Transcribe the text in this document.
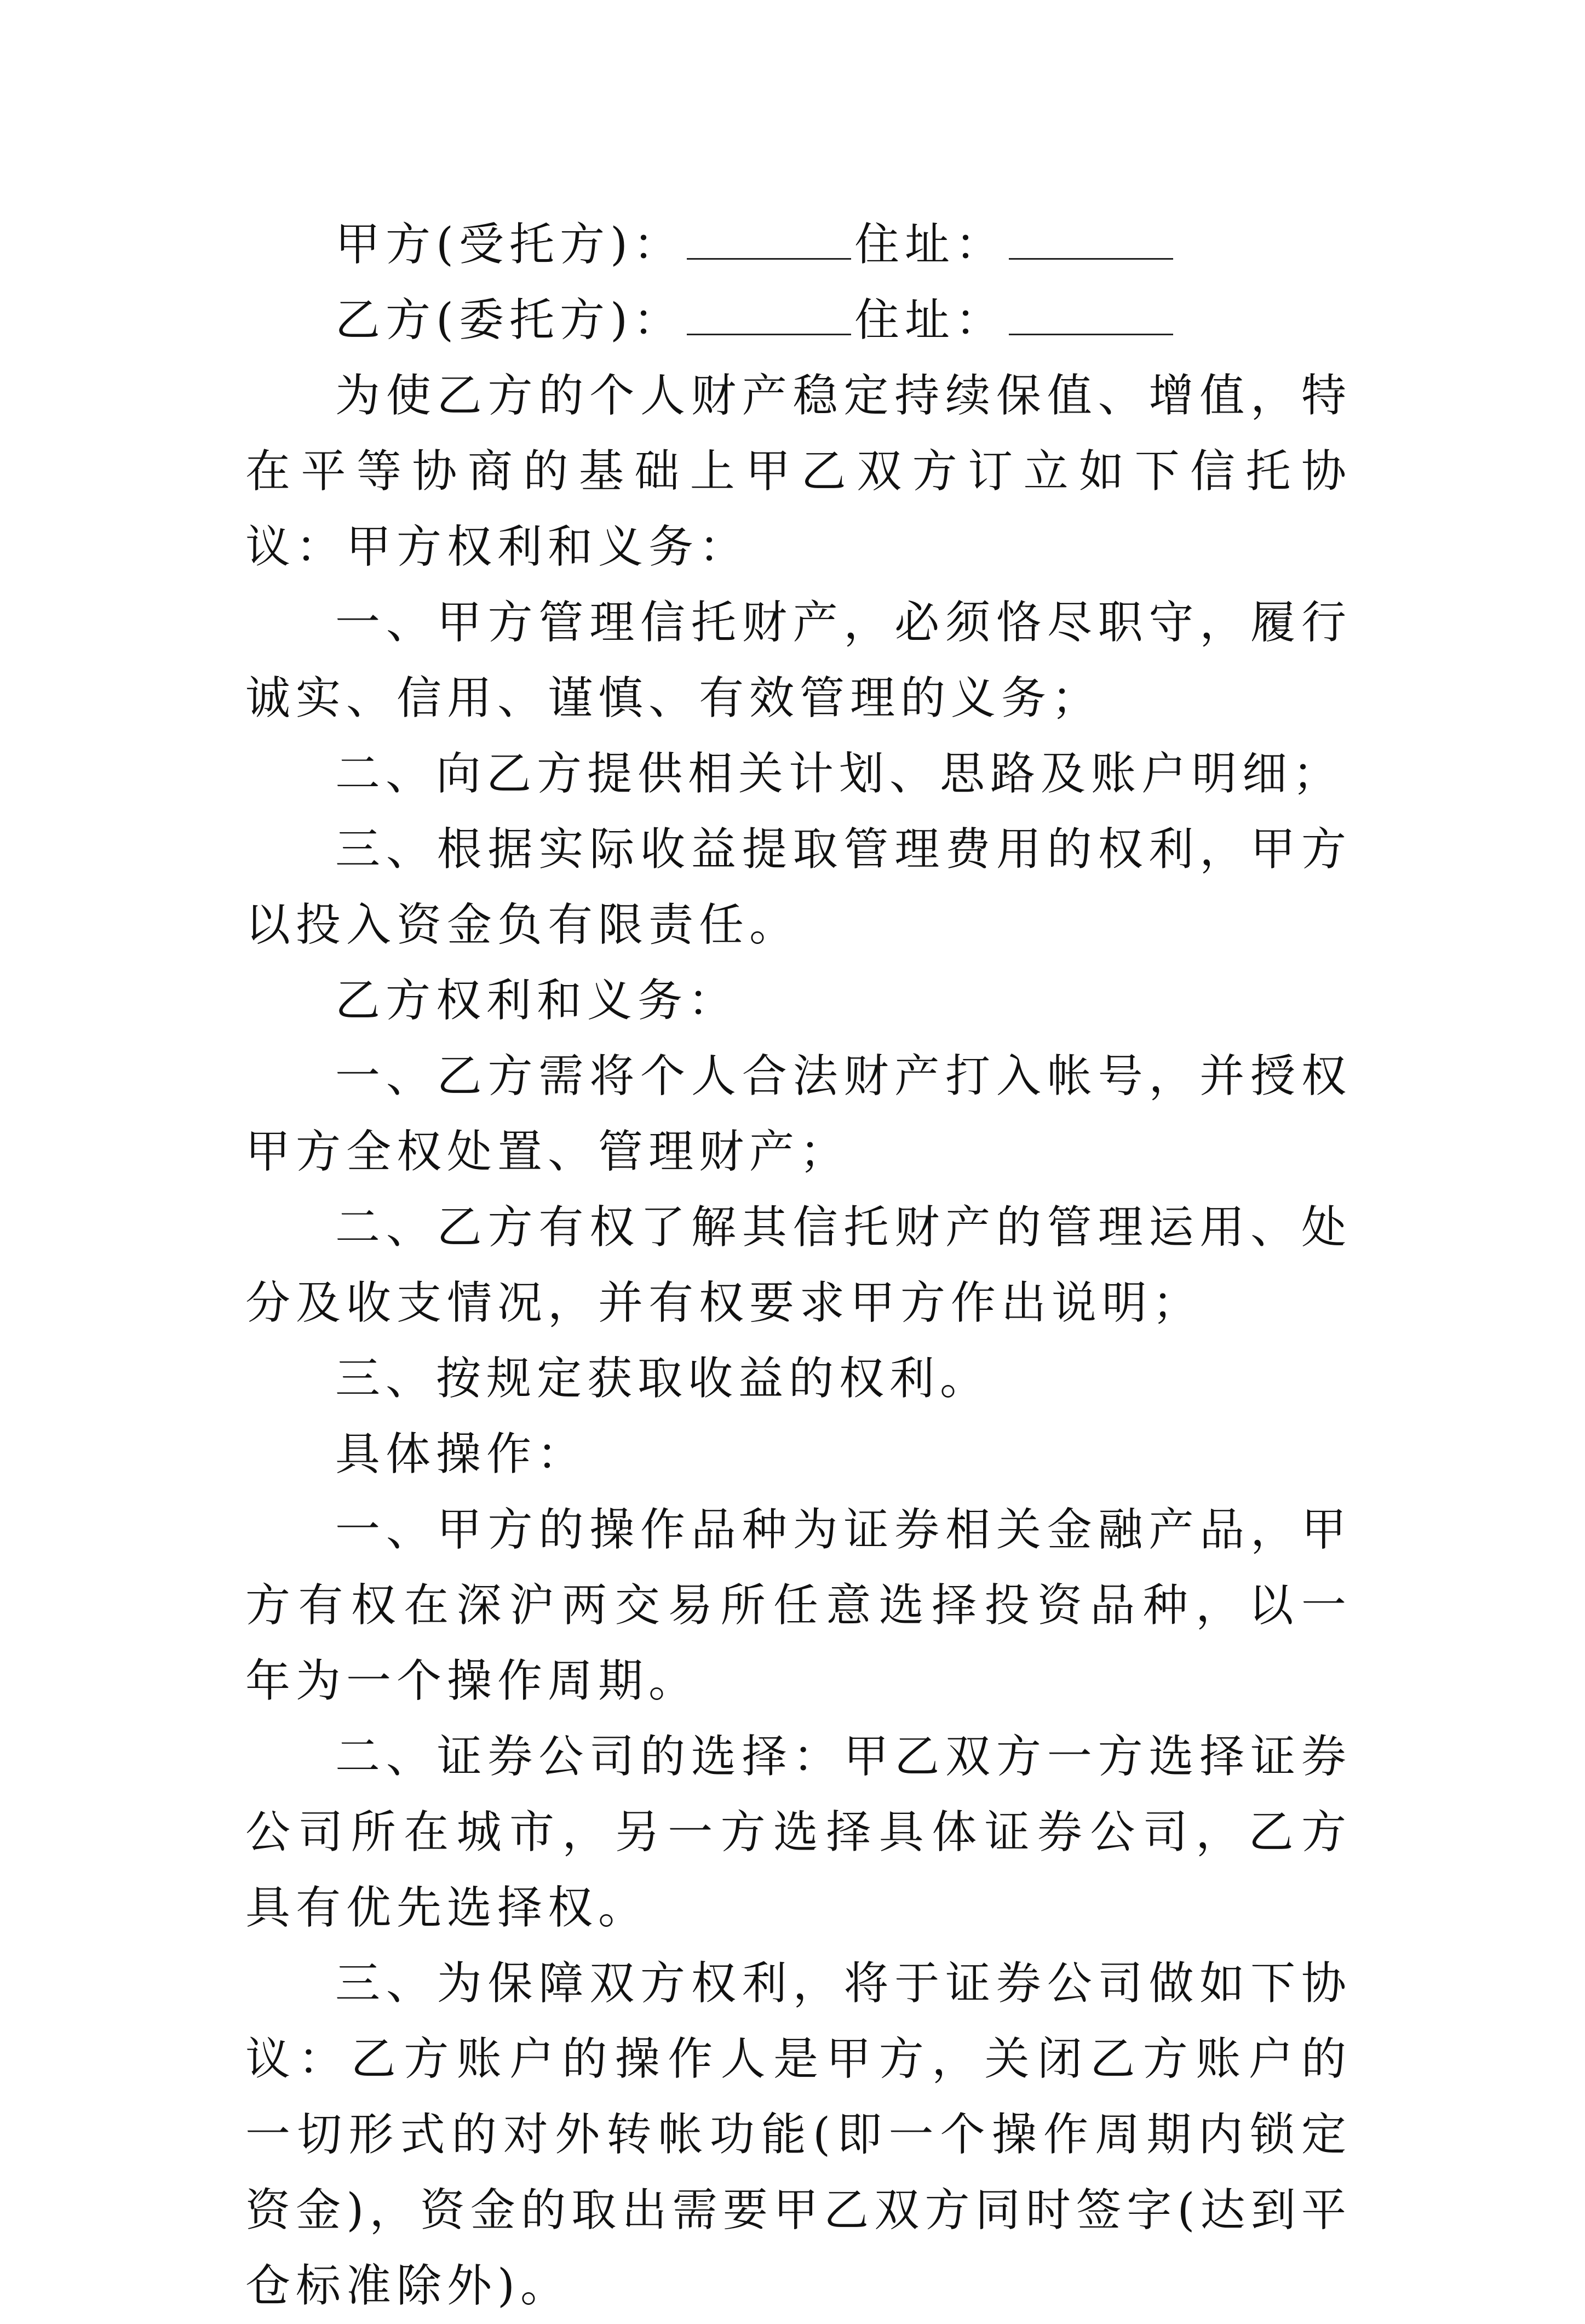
甲方(受托方)：	住址：

乙方(委托方)：	住址：

为使乙方的个人财产稳定持续保值、增值，特在平等协商的基础上甲乙双方订立如下信托协议：甲方权利和义务：

一、甲方管理信托财产，必须恪尽职守，履行诚实、信用、谨慎、有效管理的义务；

二、向乙方提供相关计划、思路及账户明细；

三、根据实际收益提取管理费用的权利，甲方以投入资金负有限责任。

乙方权利和义务：

一、乙方需将个人合法财产打入帐号，并授权甲方全权处置、管理财产；

二、乙方有权了解其信托财产的管理运用、处分及收支情况，并有权要求甲方作出说明；

三、按规定获取收益的权利。

具体操作：

一、甲方的操作品种为证券相关金融产品，甲方有权在深沪两交易所任意选择投资品种，以一年为一个操作周期。

二、证券公司的选择：甲乙双方一方选择证券公司所在城市，另一方选择具体证券公司，乙方具有优先选择权。

三、为保障双方权利，将于证券公司做如下协议：乙方账户的操作人是甲方，关闭乙方账户的一切形式的对外转帐功能(即一个操作周期内锁定资金)，资金的取出需要甲乙双方同时签字(达到平仓标准除外)。
